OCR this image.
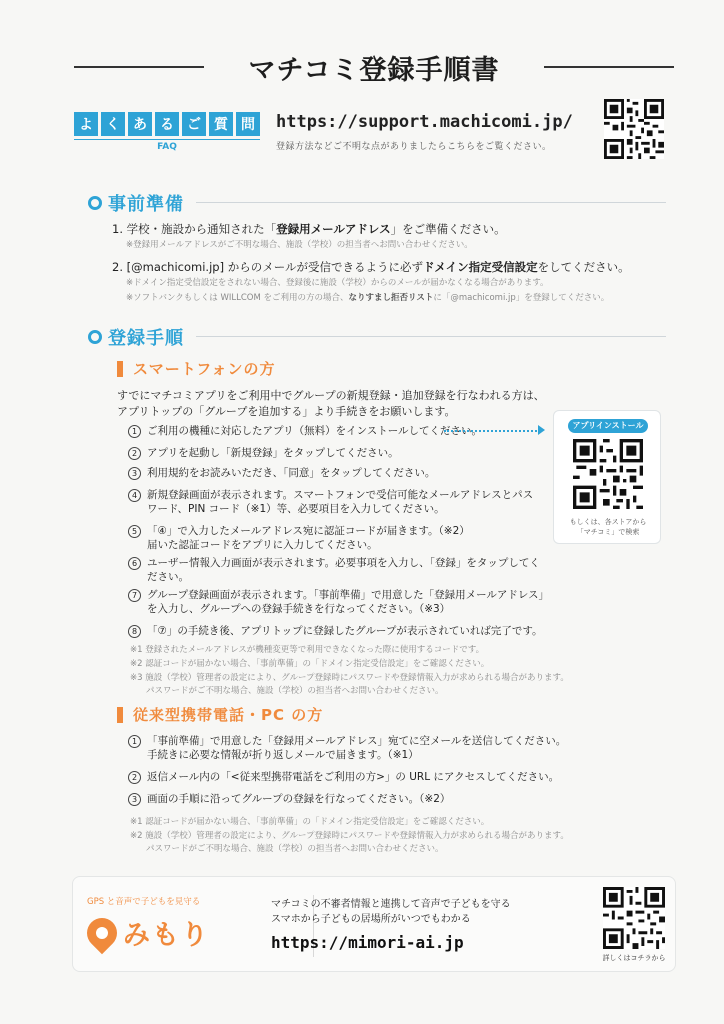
マチコミ登録手順書
よ く あ る ご 質 問
FAQ
https://support.machicomi.jp/
登録方法などご不明な点がありましたらこちらをご覧ください。
事前準備
1. 学校・施設から通知された「登録用メールアドレス」をご準備ください。
※登録用メールアドレスがご不明な場合、施設（学校）の担当者へお問い合わせください。
2. [@machicomi.jp] からのメールが受信できるように必ずドメイン指定受信設定をしてください。
※ドメイン指定受信設定をされない場合、登録後に施設（学校）からのメールが届かなくなる場合があります。
※ソフトバンクもしくは WILLCOM をご利用の方の場合、なりすまし拒否リストに「@machicomi.jp」を登録してください。
登録手順
スマートフォンの方
すでにマチコミアプリをご利用中でグループの新規登録・追加登録を行なわれる方は、
アプリトップの「グループを追加する」より手続きをお願いします。
1 ご利用の機種に対応したアプリ（無料）をインストールしてください。
2 アプリを起動し「新規登録」をタップしてください。
3 利用規約をお読みいただき、「同意」をタップしてください。
4 新規登録画面が表示されます。スマートフォンで受信可能なメールアドレスとパス
ワード、PIN コード（※1）等、必要項目を入力してください。
5 「④」で入力したメールアドレス宛に認証コードが届きます。（※2）
届いた認証コードをアプリに入力してください。
6 ユーザー情報入力画面が表示されます。必要事項を入力し、「登録」をタップしてく
ださい。
7 グループ登録画面が表示されます。「事前準備」で用意した「登録用メールアドレス」
を入力し、グループへの登録手続きを行なってください。（※3）
8 「⑦」の手続き後、アプリトップに登録したグループが表示されていれば完了です。
※1 登録されたメールアドレスが機種変更等で利用できなくなった際に使用するコードです。
※2 認証コードが届かない場合、「事前準備」の「ドメイン指定受信設定」をご確認ください。
※3 施設（学校）管理者の設定により、グループ登録時にパスワードや登録情報入力が求められる場合があります。
パスワードがご不明な場合、施設（学校）の担当者へお問い合わせください。
アプリインストール
もしくは、各ストアから
「マチコミ」で検索
従来型携帯電話・PC の方
1 「事前準備」で用意した「登録用メールアドレス」宛てに空メールを送信してください。
手続きに必要な情報が折り返しメールで届きます。（※1）
2 返信メール内の「<従来型携帯電話をご利用の方>」の URL にアクセスしてください。
3 画面の手順に沿ってグループの登録を行なってください。（※2）
※1 認証コードが届かない場合、「事前準備」の「ドメイン指定受信設定」をご確認ください。
※2 施設（学校）管理者の設定により、グループ登録時にパスワードや登録情報入力が求められる場合があります。
パスワードがご不明な場合、施設（学校）の担当者へお問い合わせください。
GPS と音声で子どもを見守る
みもり
マチコミの不審者情報と連携して音声で子どもを守る
スマホから子どもの居場所がいつでもわかる
https://mimori-ai.jp
詳しくはコチラから
